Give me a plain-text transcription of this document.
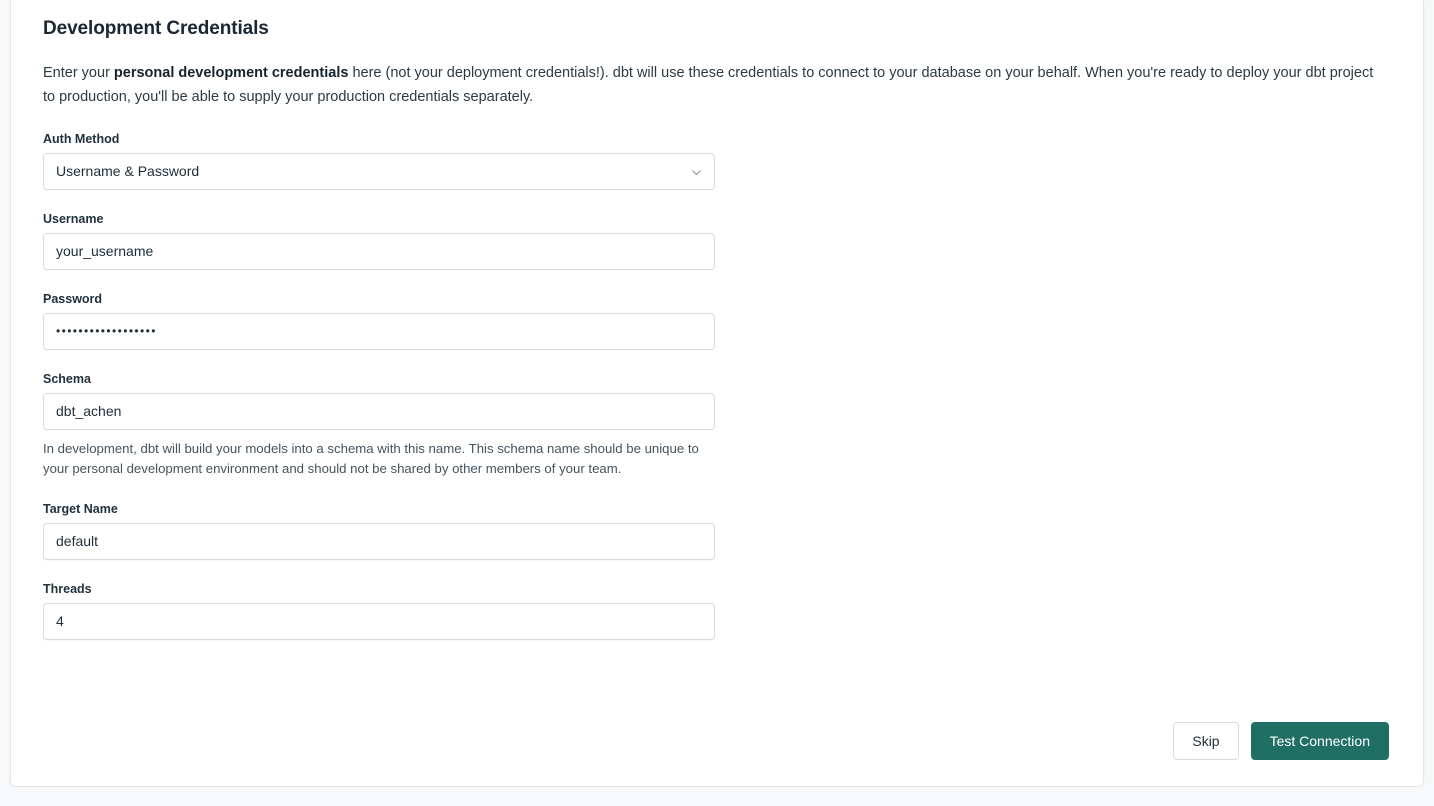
Development Credentials

Enter your personal development credentials here (not your deployment credentials!). dbt will use these credentials to connect to your database on your behalf. When you're ready to deploy your dbt project to production, you'll be able to supply your production credentials separately.

Auth Method
Username & Password
Username
your_username
Password
••••••••••••••••••
Schema
dbt_achen
In development, dbt will build your models into a schema with this name. This schema name should be unique to your personal development environment and should not be shared by other members of your team.
Target Name
default
Threads
4
Skip	Test Connection
